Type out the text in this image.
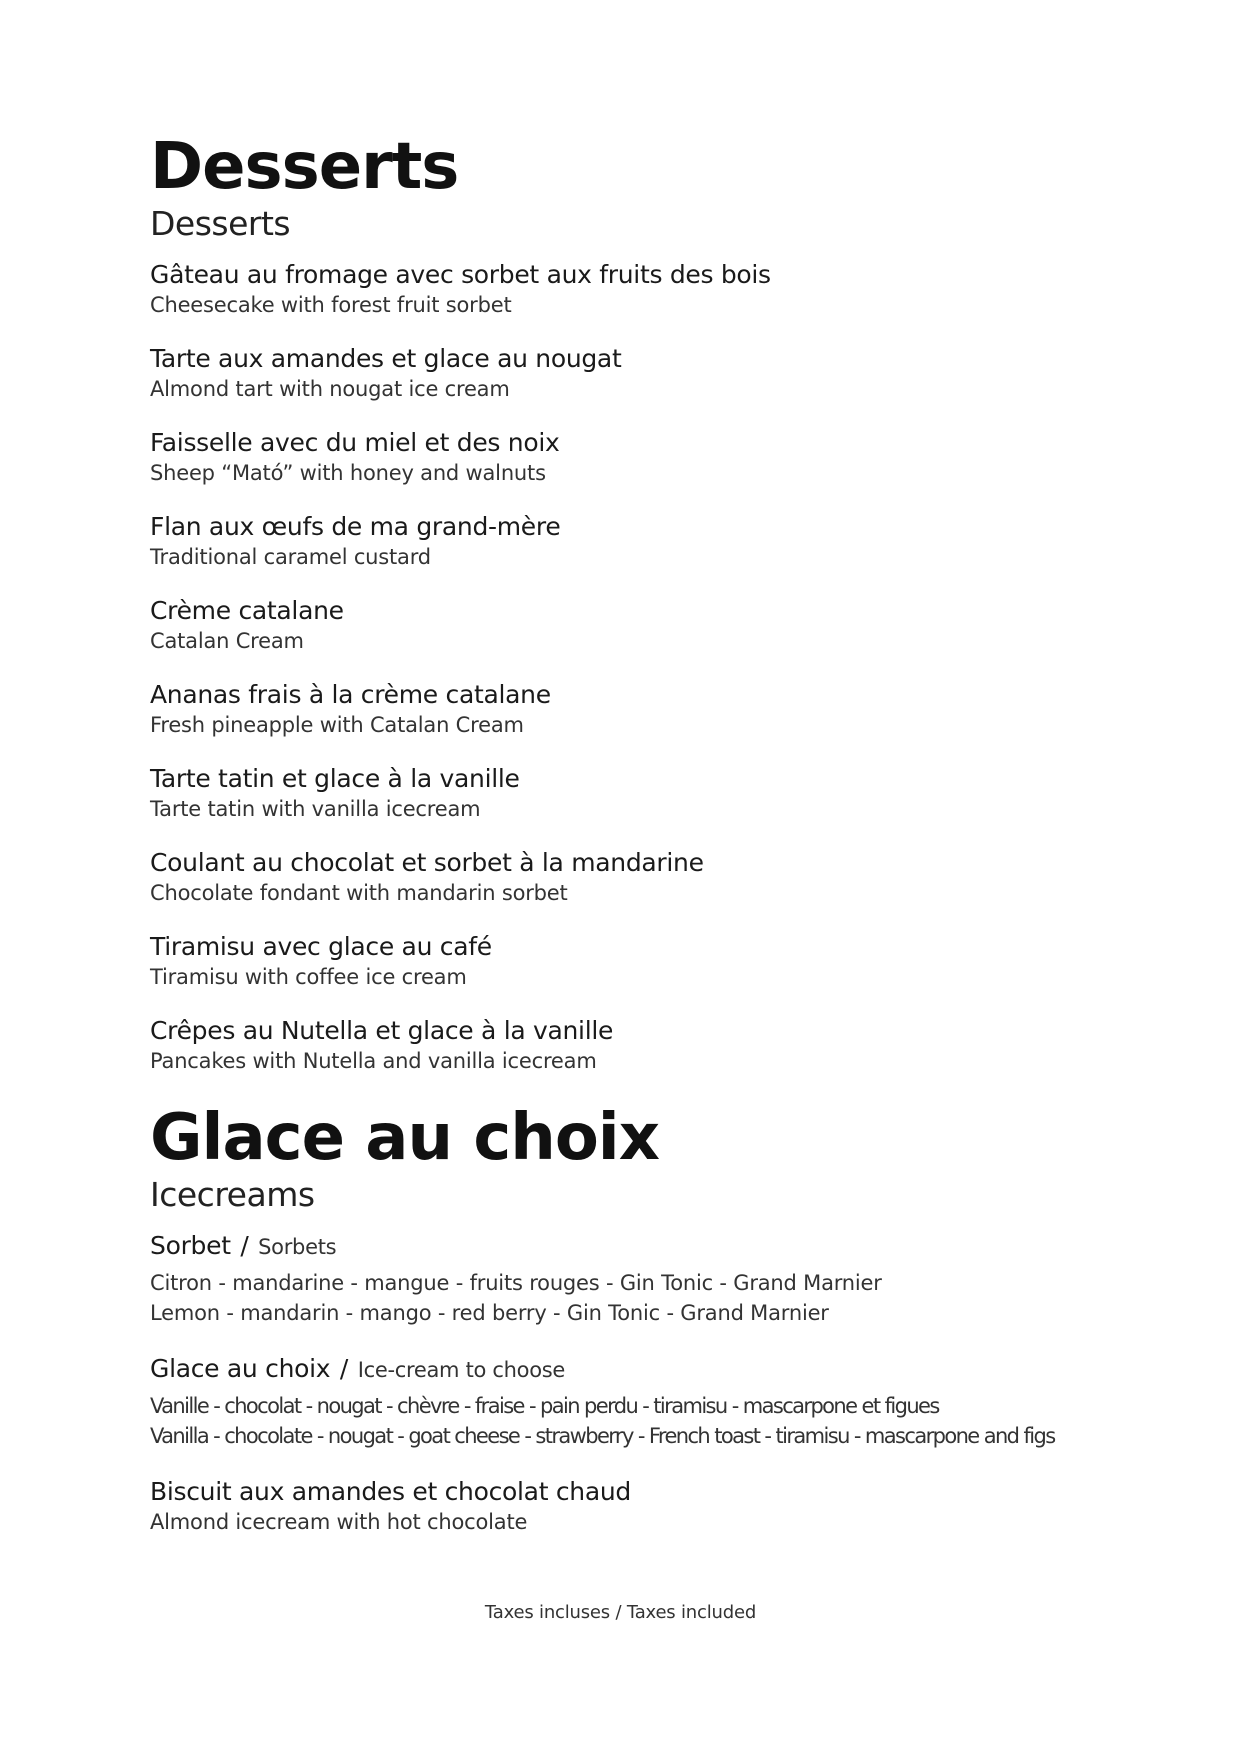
Desserts
Desserts
Gâteau au fromage avec sorbet aux fruits des bois
Cheesecake with forest fruit sorbet
Tarte aux amandes et glace au nougat
Almond tart with nougat ice cream
Faisselle avec du miel et des noix
Sheep “Mató” with honey and walnuts
Flan aux œufs de ma grand-mère
Traditional caramel custard
Crème catalane
Catalan Cream
Ananas frais à la crème catalane
Fresh pineapple with Catalan Cream
Tarte tatin et glace à la vanille
Tarte tatin with vanilla icecream
Coulant au chocolat et sorbet à la mandarine
Chocolate fondant with mandarin sorbet
Tiramisu avec glace au café
Tiramisu with coffee ice cream
Crêpes au Nutella et glace à la vanille
Pancakes with Nutella and vanilla icecream
Glace au choix
Icecreams
Sorbet / Sorbets
Citron - mandarine - mangue - fruits rouges - Gin Tonic - Grand Marnier
Lemon - mandarin - mango - red berry - Gin Tonic - Grand Marnier
Glace au choix / Ice-cream to choose
Vanille - chocolat - nougat - chèvre - fraise - pain perdu - tiramisu - mascarpone et figues
Vanilla - chocolate - nougat - goat cheese - strawberry - French toast - tiramisu - mascarpone and figs
Biscuit aux amandes et chocolat chaud
Almond icecream with hot chocolate
Taxes incluses / Taxes included
